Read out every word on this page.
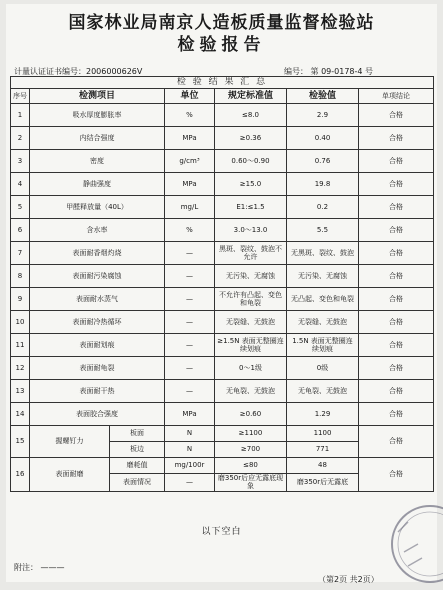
国家林业局南京人造板质量监督检验站
检验报告
计量认证证书编号：2006000626V	编号： 第 09-0178-4 号
检 验 结 果 汇 总						
序号	检测项目		单位	规定标准值	检验值	单项结论
1	吸水厚度膨胀率		%	≤8.0	2.9	合格
2	内结合强度		MPa	≥0.36	0.40	合格
3	密度		g/cm³	0.60～0.90	0.76	合格
4	静曲强度		MPa	≥15.0	19.8	合格
5	甲醛释放量（40L）		mg/L	E1:≤1.5	0.2	合格
6	含水率		%	3.0～13.0	5.5	合格
7	表面耐香烟灼烧		—	黑斑、裂纹、鼓泡不允许	无黑斑、裂纹、鼓泡	合格
8	表面耐污染腐蚀		—	无污染、无腐蚀	无污染、无腐蚀	合格
9	表面耐水蒸气		—	不允许有凸起、变色和龟裂	无凸起、变色和龟裂	合格
10	表面耐冷热循环		—	无裂缝、无鼓泡	无裂缝、无鼓泡	合格
11	表面耐划痕		—	≥1.5N 表面无整圈连续划痕	1.5N 表面无整圈连续划痕	合格
12	表面耐龟裂		—	0～1级	0级	合格
13	表面耐干热		—	无龟裂、无鼓泡	无龟裂、无鼓泡	合格
14	表面胶合强度		MPa	≥0.60	1.29	合格
15	握螺钉力	板面	N	≥1100	1100	合格
		板边	N	≥700	771	
16	表面耐磨	磨耗值	mg/100r	≤80	48	合格
		表面情况	—	磨350r后应无露底现象	磨350r后无露底	
以下空白
附注： ———
（第2页 共2页）
